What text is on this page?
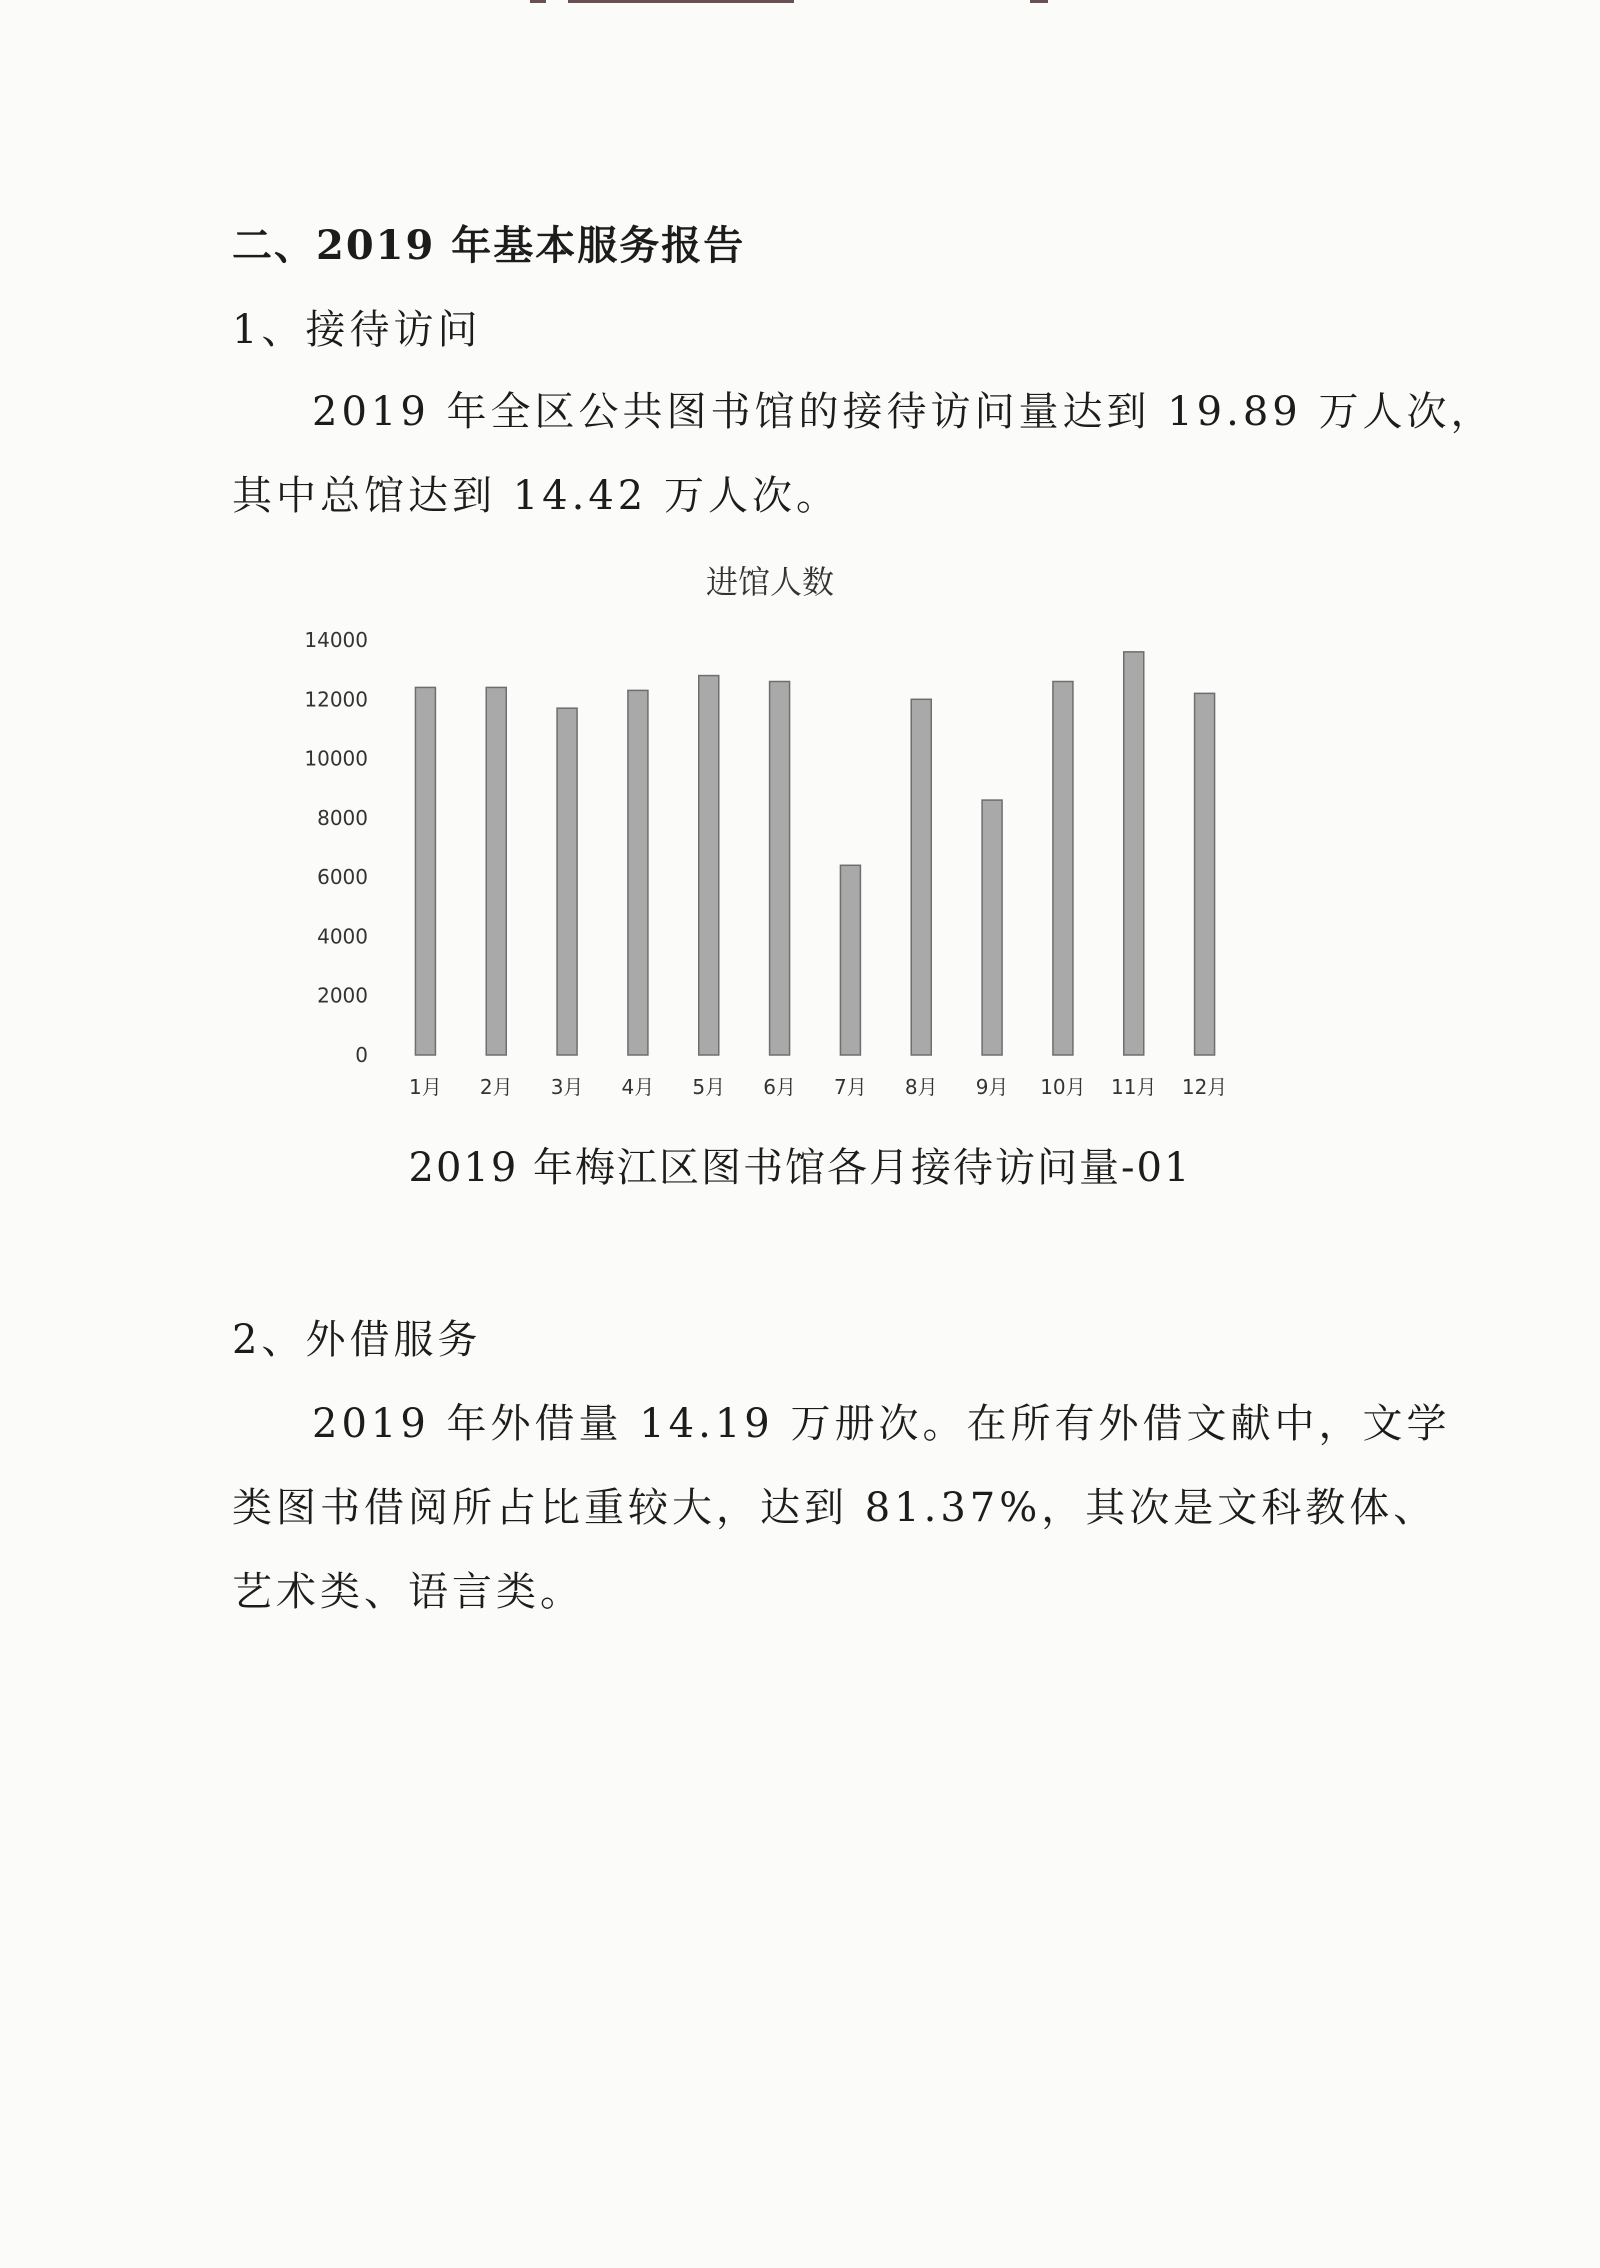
二、2019 年基本服务报告
1、接待访问
2019 年全区公共图书馆的接待访问量达到 19.89 万人次，
其中总馆达到 14.42 万人次。
进馆人数
0
2000
4000
6000
8000
10000
12000
14000
1月 2月 3月 4月 5月 6月 7月 8月 9月 10月 11月 12月
2019 年梅江区图书馆各月接待访问量-01
2、外借服务
2019 年外借量 14.19 万册次。在所有外借文献中，文学
类图书借阅所占比重较大，达到 81.37%，其次是文科教体、
艺术类、语言类。
